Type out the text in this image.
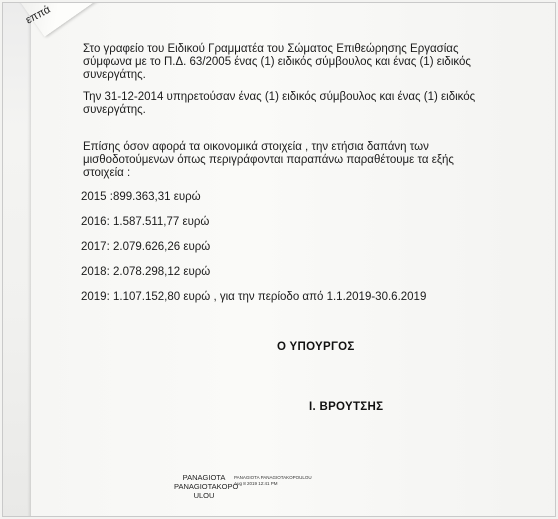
Στο γραφείο του Ειδικού Γραμματέα του Σώματος Επιθεώρησης Εργασίας
σύμφωνα με το Π.Δ. 63/2005 ένας (1) ειδικός σύμβουλος και ένας (1) ειδικός
συνεργάτης.
Την 31-12-2014 υπηρετούσαν ένας (1) ειδικός σύμβουλος και ένας (1) ειδικός
συνεργάτης.
Επίσης όσον αφορά τα οικονομικά στοιχεία , την ετήσια δαπάνη των
μισθοδοτούμενων όπως περιγράφονται παραπάνω παραθέτουμε τα εξής
στοιχεία :
2015 :899.363,31 ευρώ
2016: 1.587.511,77 ευρώ
2017: 2.079.626,26 ευρώ
2018: 2.078.298,12 ευρώ
2019: 1.107.152,80 ευρώ , για την περίοδο από 1.1.2019-30.6.2019
Ο ΥΠΟΥΡΓΟΣ
Ι. ΒΡΟΥΤΣΗΣ
PANAGIOTA
PANAGIOTAKOPO
ULOU
PANAGIOTA PANAGIOTAKOPOULOU
Aug 8 2019 12:41 PM
εππά
